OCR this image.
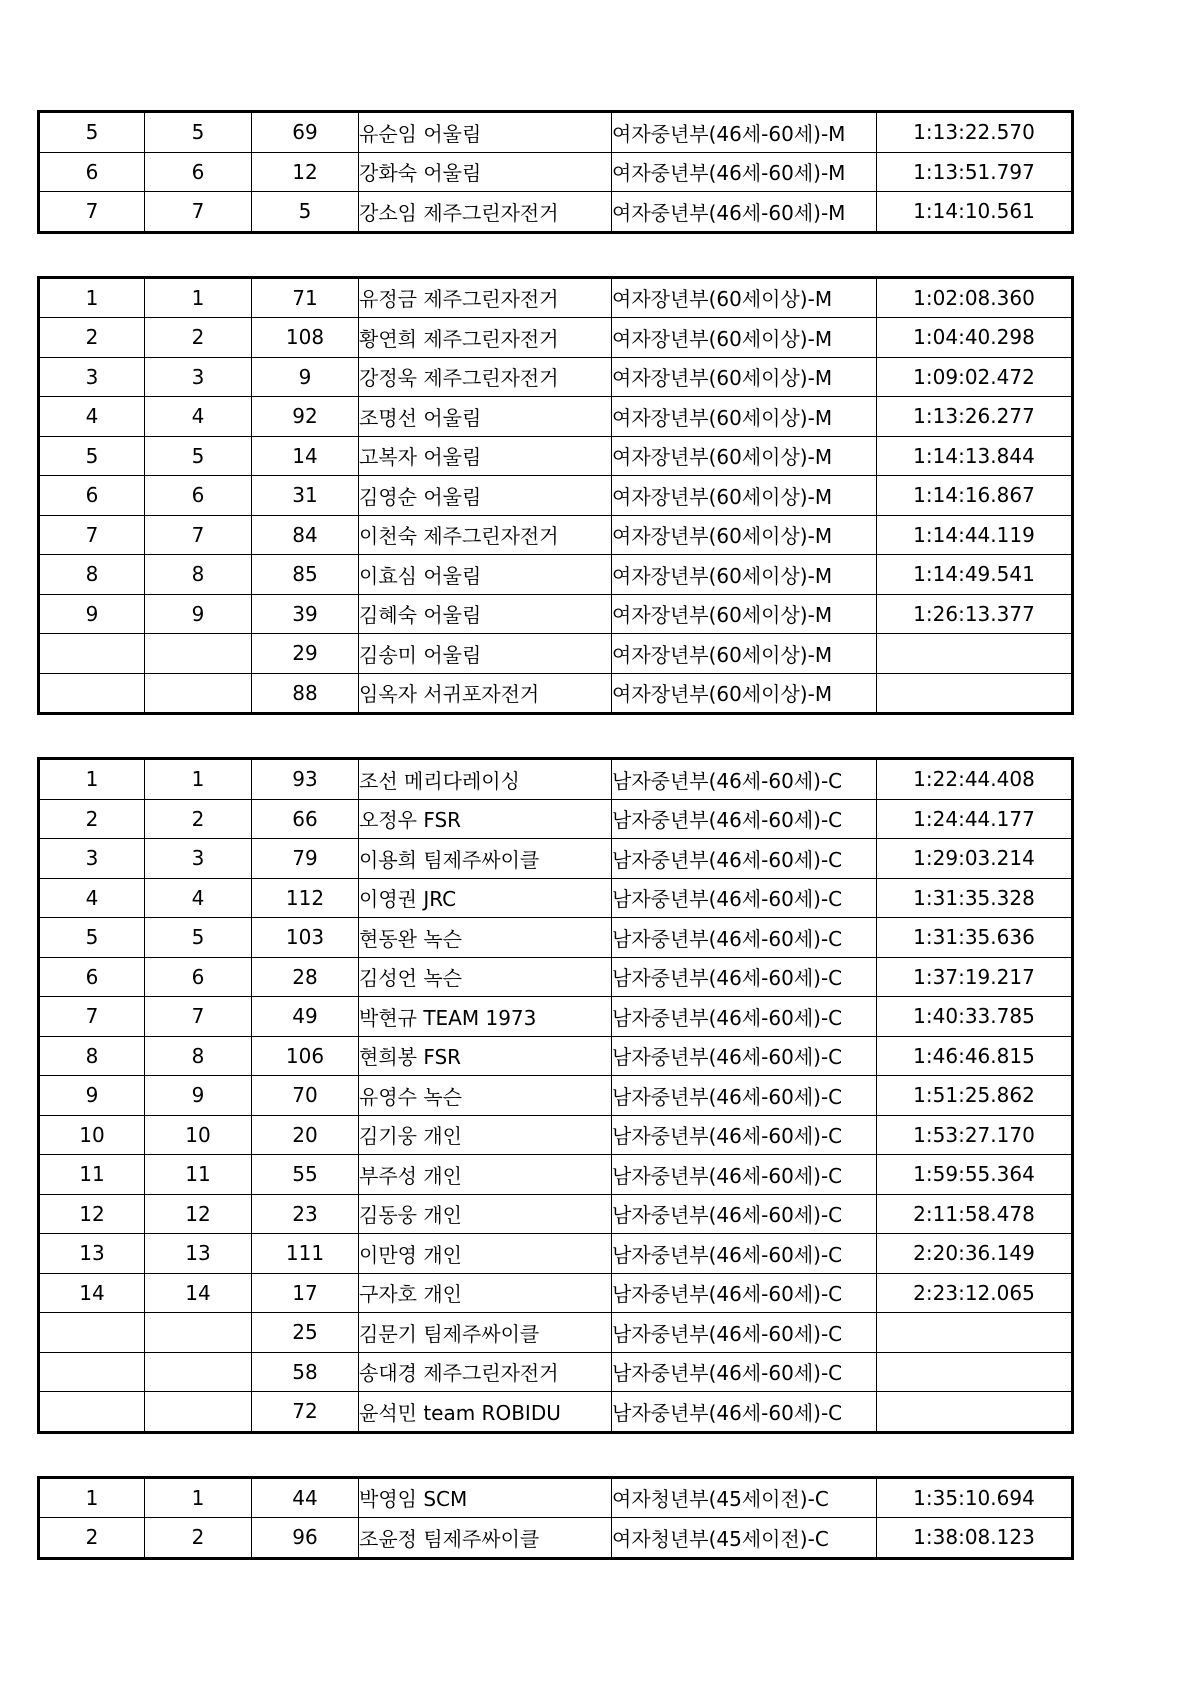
5	5	69	유순임 어울림	여자중년부(46세-60세)-M	1:13:22.570
6	6	12	강화숙 어울림	여자중년부(46세-60세)-M	1:13:51.797
7	7	5	강소임 제주그린자전거	여자중년부(46세-60세)-M	1:14:10.561
1	1	71	유정금 제주그린자전거	여자장년부(60세이상)-M	1:02:08.360
2	2	108	황연희 제주그린자전거	여자장년부(60세이상)-M	1:04:40.298
3	3	9	강정욱 제주그린자전거	여자장년부(60세이상)-M	1:09:02.472
4	4	92	조명선 어울림	여자장년부(60세이상)-M	1:13:26.277
5	5	14	고복자 어울림	여자장년부(60세이상)-M	1:14:13.844
6	6	31	김영순 어울림	여자장년부(60세이상)-M	1:14:16.867
7	7	84	이천숙 제주그린자전거	여자장년부(60세이상)-M	1:14:44.119
8	8	85	이효심 어울림	여자장년부(60세이상)-M	1:14:49.541
9	9	39	김혜숙 어울림	여자장년부(60세이상)-M	1:26:13.377
		29	김송미 어울림	여자장년부(60세이상)-M	
		88	임옥자 서귀포자전거	여자장년부(60세이상)-M	
1	1	93	조선 메리다레이싱	남자중년부(46세-60세)-C	1:22:44.408
2	2	66	오정우 FSR	남자중년부(46세-60세)-C	1:24:44.177
3	3	79	이용희 팀제주싸이클	남자중년부(46세-60세)-C	1:29:03.214
4	4	112	이영권 JRC	남자중년부(46세-60세)-C	1:31:35.328
5	5	103	현동완 녹슨	남자중년부(46세-60세)-C	1:31:35.636
6	6	28	김성언 녹슨	남자중년부(46세-60세)-C	1:37:19.217
7	7	49	박현규 TEAM 1973	남자중년부(46세-60세)-C	1:40:33.785
8	8	106	현희봉 FSR	남자중년부(46세-60세)-C	1:46:46.815
9	9	70	유영수 녹슨	남자중년부(46세-60세)-C	1:51:25.862
10	10	20	김기웅 개인	남자중년부(46세-60세)-C	1:53:27.170
11	11	55	부주성 개인	남자중년부(46세-60세)-C	1:59:55.364
12	12	23	김동웅 개인	남자중년부(46세-60세)-C	2:11:58.478
13	13	111	이만영 개인	남자중년부(46세-60세)-C	2:20:36.149
14	14	17	구자호 개인	남자중년부(46세-60세)-C	2:23:12.065
		25	김문기 팀제주싸이클	남자중년부(46세-60세)-C	
		58	송대경 제주그린자전거	남자중년부(46세-60세)-C	
		72	윤석민 team ROBIDU	남자중년부(46세-60세)-C	
1	1	44	박영임 SCM	여자청년부(45세이전)-C	1:35:10.694
2	2	96	조윤정 팀제주싸이클	여자청년부(45세이전)-C	1:38:08.123
